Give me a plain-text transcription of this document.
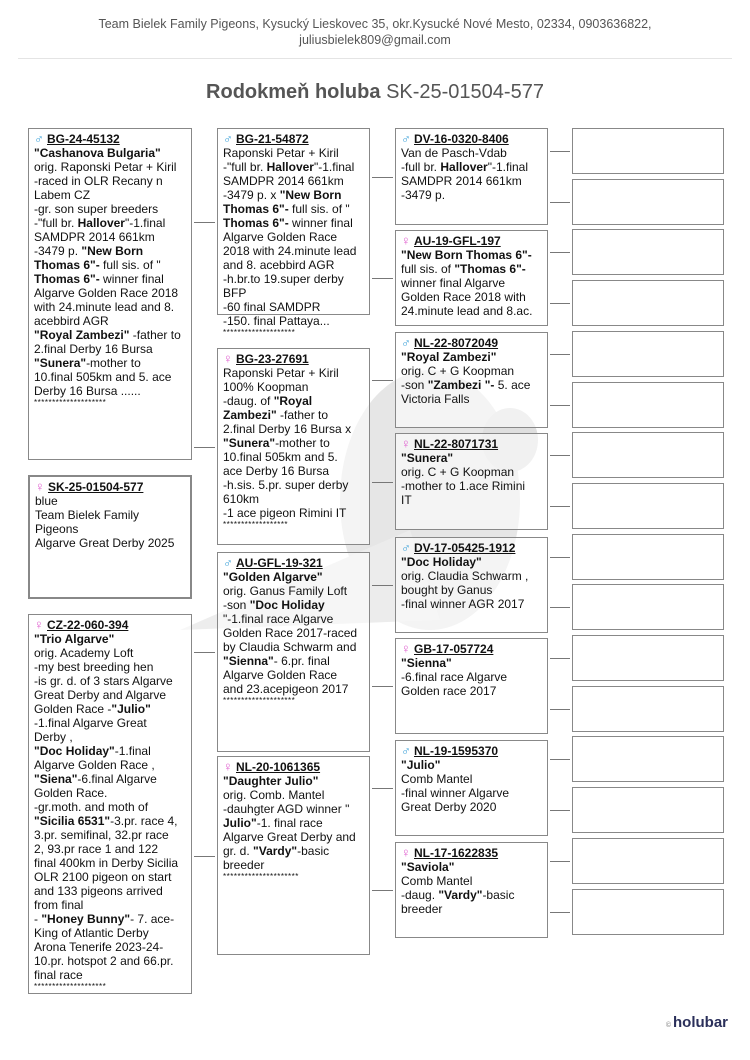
Team Bielek Family Pigeons, Kysucký Lieskovec 35, okr.Kysucké Nové Mesto, 02334, 0903636822,
juliusbielek809@gmail.com
Rodokmeň holuba SK-25-01504-577
♀ SK-25-01504-577
blue
Team Bielek Family
Pigeons
Algarve Great Derby 2025
♂ BG-24-45132
"Cashanova Bulgaria"
orig. Raponski Petar + Kiril
-raced in OLR Recany n
Labem CZ
-gr. son super breeders
-"full br. Hallover"-1.final
SAMDPR 2014 661km
-3479 p. "New Born
Thomas 6"- full sis. of "
Thomas 6"- winner final
Algarve Golden Race 2018
with 24.minute lead and 8.
acebbird AGR
"Royal Zambezi" -father to
2.final Derby 16 Bursa
"Sunera"-mother to
10.final 505km and 5. ace
Derby 16 Bursa ......
********************
♀ CZ-22-060-394
"Trio Algarve"
orig. Academy Loft
-my best breeding hen
-is gr. d. of 3 stars Algarve
Great Derby and Algarve
Golden Race -"Julio"
-1.final Algarve Great
Derby ,
"Doc Holiday"-1.final
Algarve Golden Race ,
"Siena"-6.final Algarve
Golden Race.
-gr.moth. and moth of
"Sicilia 6531"-3.pr. race 4,
3.pr. semifinal, 32.pr race
2, 93.pr race 1 and 122
final 400km in Derby Sicilia
OLR 2100 pigeon on start
and 133 pigeons arrived
from final
- "Honey Bunny"- 7. ace-
King of Atlantic Derby
Arona Tenerife 2023-24-
10.pr. hotspot 2 and 66.pr.
final race
********************
♂ BG-21-54872
Raponski Petar + Kiril
-"full br. Hallover"-1.final
SAMDPR 2014 661km
-3479 p. x "New Born
Thomas 6"- full sis. of "
Thomas 6"- winner final
Algarve Golden Race
2018 with 24.minute lead
and 8. acebbird AGR
-h.br.to 19.super derby
BFP
-60 final SAMDPR
-150. final Pattaya...
********************
♀ BG-23-27691
Raponski Petar + Kiril
100% Koopman
-daug. of "Royal
Zambezi" -father to
2.final Derby 16 Bursa x
"Sunera"-mother to
10.final 505km and 5.
ace Derby 16 Bursa
-h.sis. 5.pr. super derby
610km
-1 ace pigeon Rimini IT
******************
♂ AU-GFL-19-321
"Golden Algarve"
orig. Ganus Family Loft
-son "Doc Holiday
"-1.final race Algarve
Golden Race 2017-raced
by Claudia Schwarm and
"Sienna"- 6.pr. final
Algarve Golden Race
and 23.acepigeon 2017
********************
♀ NL-20-1061365
"Daughter Julio"
orig. Comb. Mantel
-dauhgter AGD winner "
Julio"-1. final race
Algarve Great Derby and
gr. d. "Vardy"-basic
breeder
*********************
♂ DV-16-0320-8406
Van de Pasch-Vdab
-full br. Hallover"-1.final
SAMDPR 2014 661km
-3479 p.
♀ AU-19-GFL-197
"New Born Thomas 6"-
full sis. of "Thomas 6"-
winner final Algarve
Golden Race 2018 with
24.minute lead and 8.ac.
♂ NL-22-8072049
"Royal Zambezi"
orig. C + G Koopman
-son "Zambezi "- 5. ace
Victoria Falls
♀ NL-22-8071731
"Sunera"
orig. C + G Koopman
-mother to 1.ace Rimini
IT
♂ DV-17-05425-1912
"Doc Holiday"
orig. Claudia Schwarm ,
bought by Ganus
-final winner AGR 2017
♀ GB-17-057724
"Sienna"
-6.final race Algarve
Golden race 2017
♂ NL-19-1595370
"Julio"
Comb Mantel
-final winner Algarve
Great Derby 2020
♀ NL-17-1622835
"Saviola"
Comb Mantel
-daug. "Vardy"-basic
breeder
© holubar
